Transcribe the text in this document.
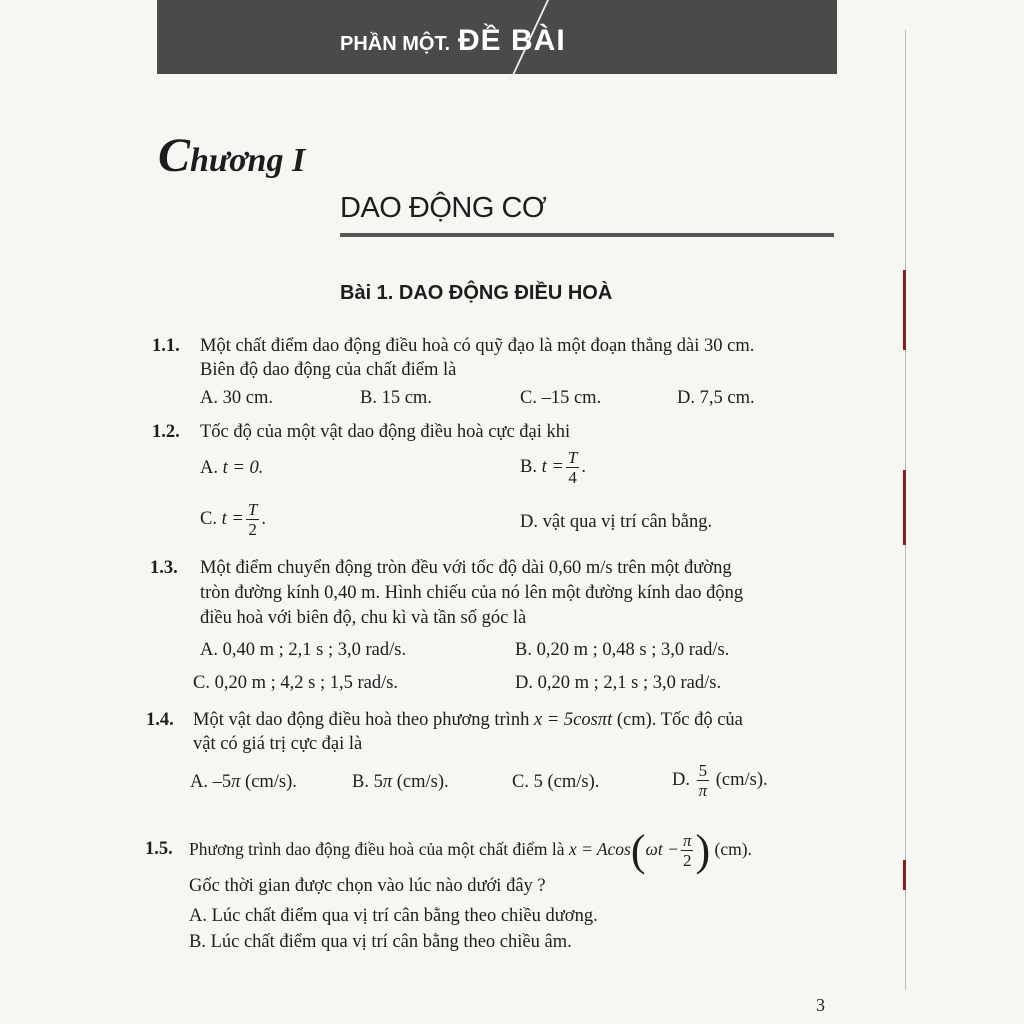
PHẦN MỘT. ĐỀ BÀI
Chương I
DAO ĐỘNG CƠ
Bài 1. DAO ĐỘNG ĐIỀU HOÀ
1.1. Một chất điểm dao động điều hoà có quỹ đạo là một đoạn thẳng dài 30 cm.
Biên độ dao động của chất điểm là
A. 30 cm.	B. 15 cm.	C. –15 cm.	D. 7,5 cm.
1.2. Tốc độ của một vật dao động điều hoà cực đại khi
A. t = 0.	B. $t = \frac{T}{4}$ .
C. $t = \frac{T}{2}$ .	D. vật qua vị trí cân bằng.
1.3. Một điểm chuyển động tròn đều với tốc độ dài 0,60 m/s trên một đường
tròn đường kính 0,40 m. Hình chiếu của nó lên một đường kính dao động
điều hoà với biên độ, chu kì và tần số góc là
A. 0,40 m ; 2,1 s ; 3,0 rad/s.	B. 0,20 m ; 0,48 s ; 3,0 rad/s.
C. 0,20 m ; 4,2 s ; 1,5 rad/s.	D. 0,20 m ; 2,1 s ; 3,0 rad/s.
1.4. Một vật dao động điều hoà theo phương trình x = 5cosπt (cm). Tốc độ của
vật có giá trị cực đại là
A. –5π (cm/s).	B. 5π (cm/s).	C. 5 (cm/s).	D. $\frac{5}{\pi} (cm/s)$.
1.5. Phương trình dao động điều hoà của một chất điểm là $x = Acos(\omega t - \frac{\pi}{2}$ ) (cm).
Gốc thời gian được chọn vào lúc nào dưới đây ?
A. Lúc chất điểm qua vị trí cân bằng theo chiều dương.
B. Lúc chất điểm qua vị trí cân bằng theo chiều âm.
3
